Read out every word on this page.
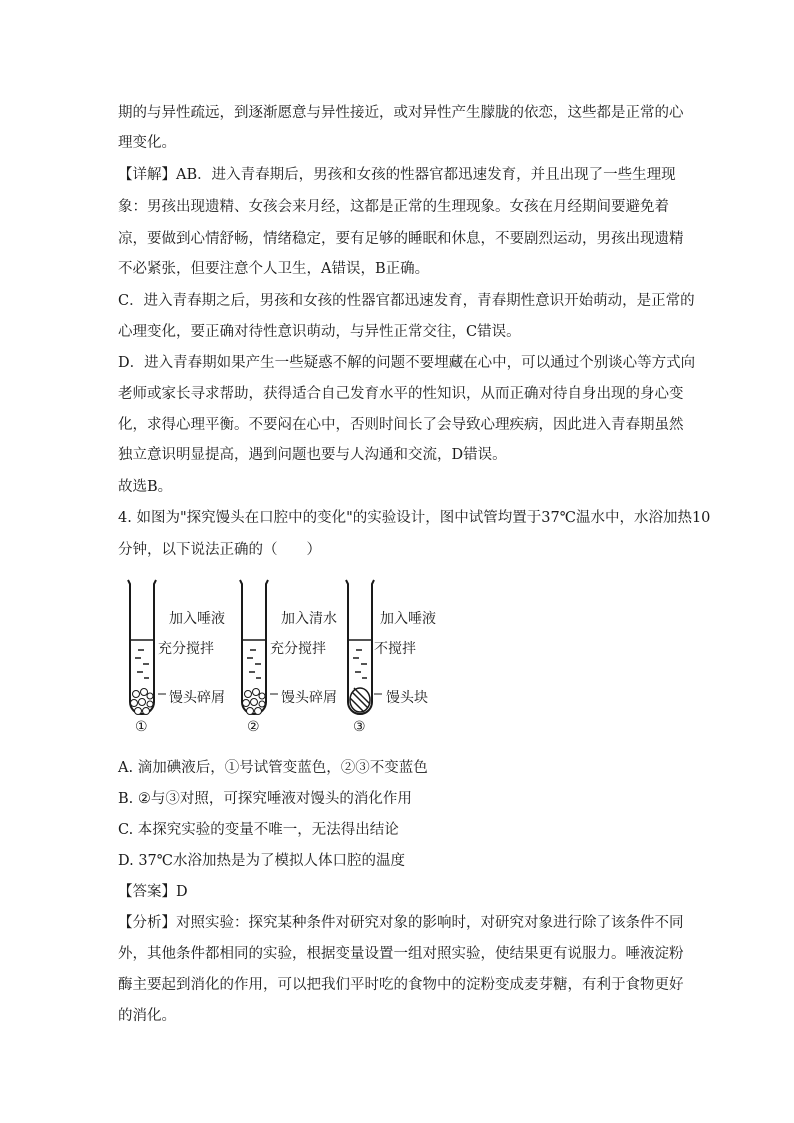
期的与异性疏远，到逐渐愿意与异性接近，或对异性产生朦胧的依恋，这些都是正常的心
理变化。
【详解】AB．进入青春期后，男孩和女孩的性器官都迅速发育，并且出现了一些生理现
象：男孩出现遗精、女孩会来月经，这都是正常的生理现象。女孩在月经期间要避免着
凉，要做到心情舒畅，情绪稳定，要有足够的睡眠和休息，不要剧烈运动，男孩出现遗精
不必紧张，但要注意个人卫生，A错误，B正确。
C．进入青春期之后，男孩和女孩的性器官都迅速发育，青春期性意识开始萌动，是正常的
心理变化，要正确对待性意识萌动，与异性正常交往，C错误。
D．进入青春期如果产生一些疑惑不解的问题不要埋藏在心中，可以通过个别谈心等方式向
老师或家长寻求帮助，获得适合自己发育水平的性知识，从而正确对待自身出现的身心变
化，求得心理平衡。不要闷在心中，否则时间长了会导致心理疾病，因此进入青春期虽然
独立意识明显提高，遇到问题也要与人沟通和交流，D错误。
故选B。
4. 如图为"探究馒头在口腔中的变化"的实验设计，图中试管均置于37℃温水中，水浴加热10
分钟，以下说法正确的（　　）
加入唾液
充分搅拌
馒头碎屑
①
加入清水
充分搅拌
馒头碎屑
②
加入唾液
不搅拌
馒头块
③
A. 滴加碘液后，①号试管变蓝色，②③不变蓝色
B. ②与③对照，可探究唾液对馒头的消化作用
C. 本探究实验的变量不唯一，无法得出结论
D. 37℃水浴加热是为了模拟人体口腔的温度
【答案】D
【分析】对照实验：探究某种条件对研究对象的影响时，对研究对象进行除了该条件不同
外，其他条件都相同的实验，根据变量设置一组对照实验，使结果更有说服力。唾液淀粉
酶主要起到消化的作用，可以把我们平时吃的食物中的淀粉变成麦芽糖，有利于食物更好
的消化。
